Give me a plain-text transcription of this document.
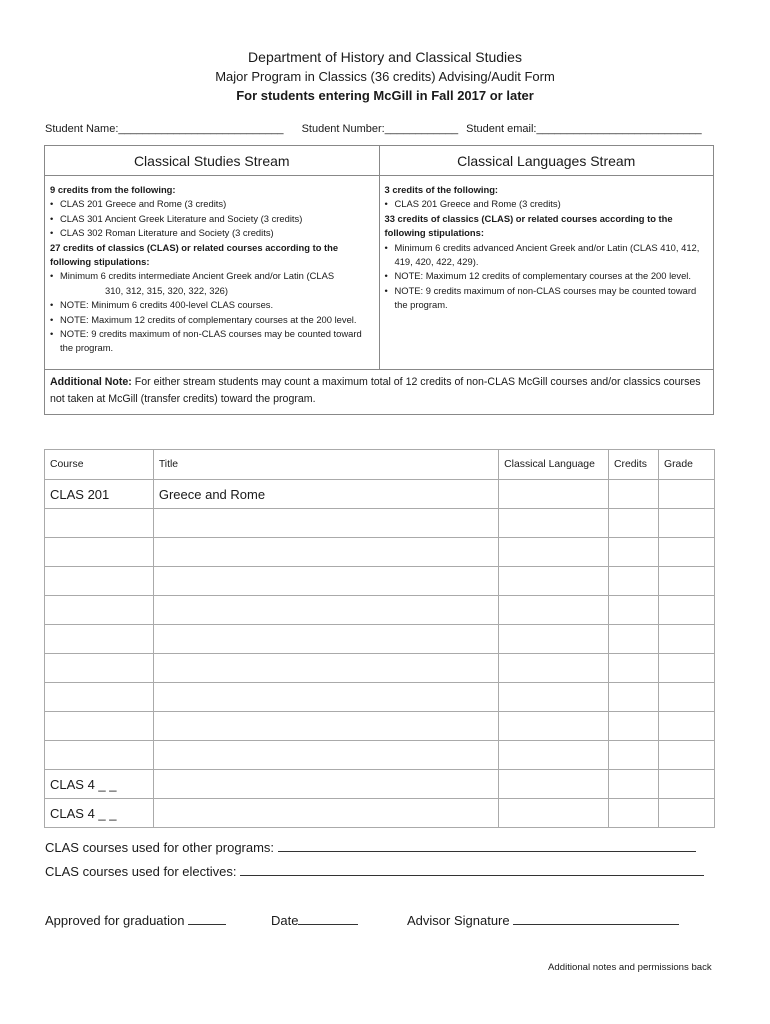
Department of History and Classical Studies
Major Program in Classics (36 credits) Advising/Audit Form
For students entering McGill in Fall 2017 or later
Student Name:___________________________ Student Number:____________ Student email:___________________________
Classical Studies Stream	Classical Languages Stream
9 credits from the following:
• CLAS 201 Greece and Rome (3 credits)
• CLAS 301 Ancient Greek Literature and Society (3 credits)
• CLAS 302 Roman Literature and Society (3 credits)
27 credits of classics (CLAS) or related courses according to the following stipulations:
• Minimum 6 credits intermediate Ancient Greek and/or Latin (CLAS
310, 312, 315, 320, 322, 326)
• NOTE: Minimum 6 credits 400-level CLAS courses.
• NOTE: Maximum 12 credits of complementary courses at the 200 level.
• NOTE: 9 credits maximum of non-CLAS courses may be counted toward the program.
3 credits of the following:
• CLAS 201 Greece and Rome (3 credits)
33 credits of classics (CLAS) or related courses according to the following stipulations:
• Minimum 6 credits advanced Ancient Greek and/or Latin (CLAS 410, 412, 419, 420, 422, 429).
• NOTE: Maximum 12 credits of complementary courses at the 200 level.
• NOTE: 9 credits maximum of non-CLAS courses may be counted toward the program.
Additional Note: For either stream students may count a maximum total of 12 credits of non-CLAS McGill courses and/or classics courses not taken at McGill (transfer credits) toward the program.
Course	Title	Classical Language	Credits	Grade
CLAS 201	Greece and Rome			

CLAS 4 _ _				
CLAS 4 _ _				
CLAS courses used for other programs:
CLAS courses used for electives:
Approved for graduation	Date	Advisor Signature
Additional notes and permissions back
